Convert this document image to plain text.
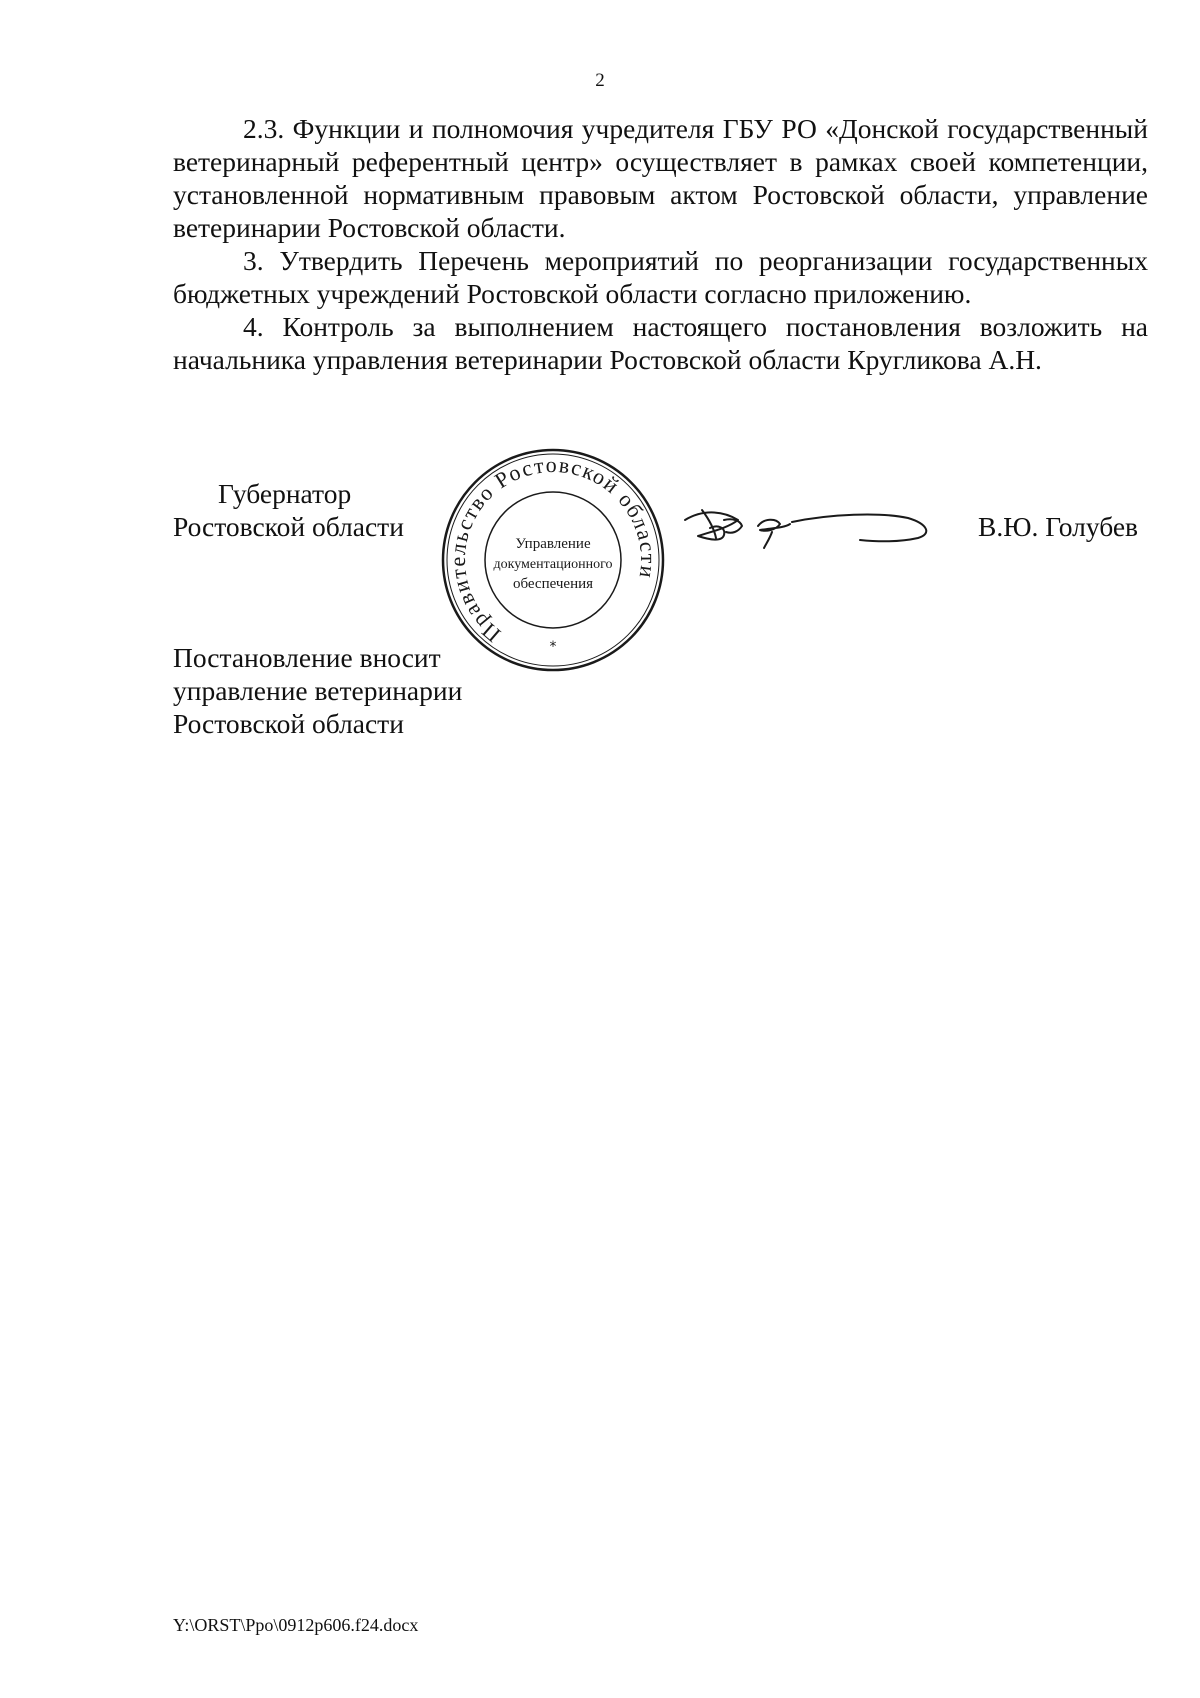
2

2.3. Функции и полномочия учредителя ГБУ РО «Донской государственный ветеринарный референтный центр» осуществляет в рамках своей компетенции, установленной нормативным правовым актом Ростовской области, управление ветеринарии Ростовской области.

3. Утвердить Перечень мероприятий по реорганизации государственных бюджетных учреждений Ростовской области согласно приложению.

4. Контроль за выполнением настоящего постановления возложить на начальника управления ветеринарии Ростовской области Кругликова А.Н.

Губернатор
Ростовской области
Правительство Ростовской области
Управление
документационного
обеспечения
*
В.Ю. Голубев
Постановление вносит
управление ветеринарии
Ростовской области
Y:\ORST\Ppo\0912p606.f24.docx
